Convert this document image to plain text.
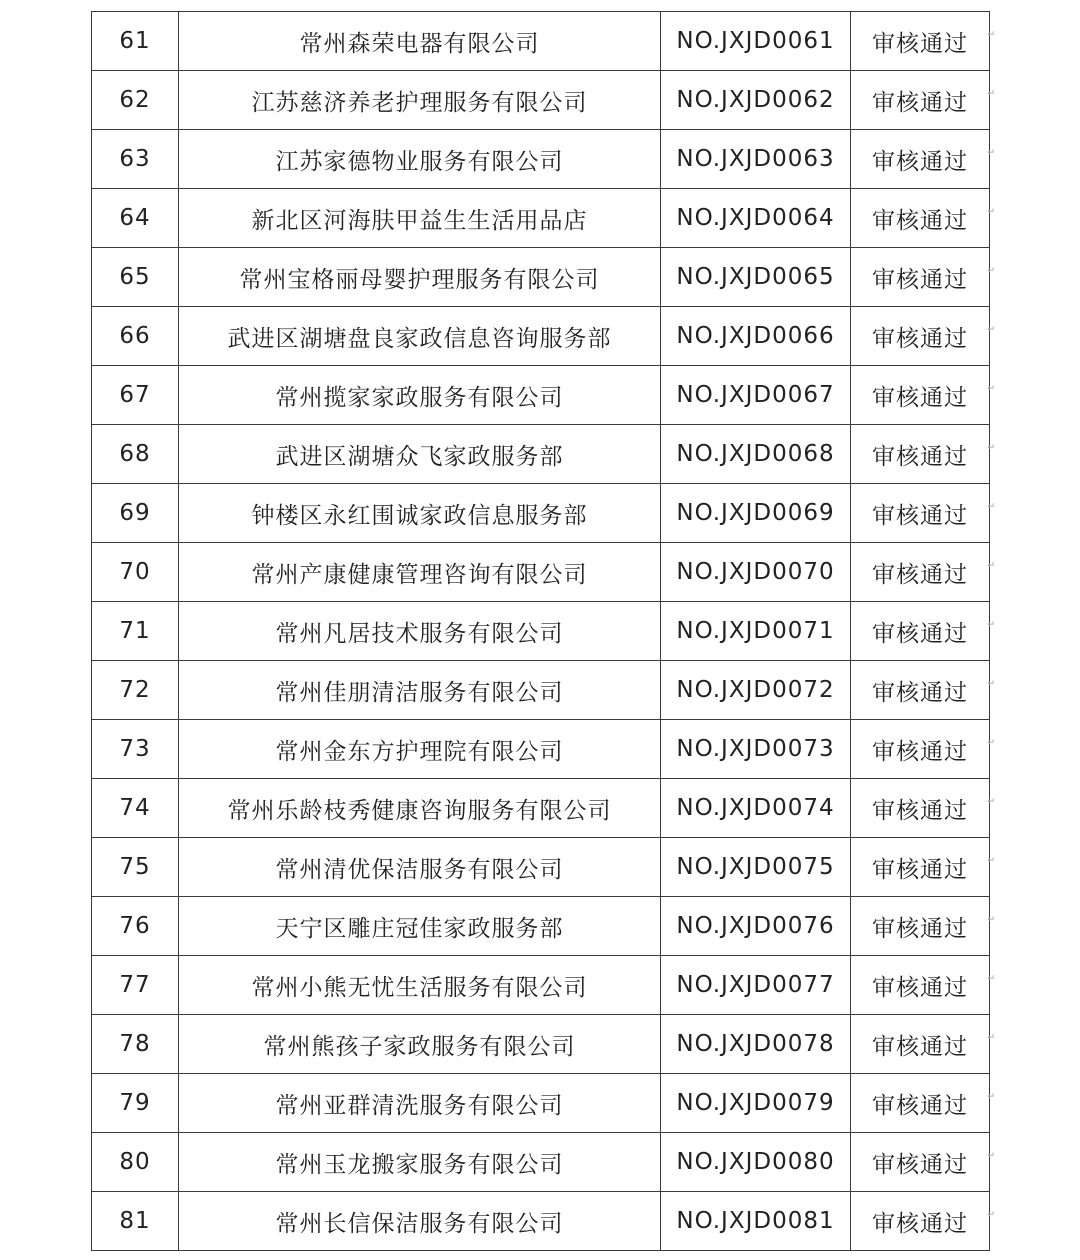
61	常州森荣电器有限公司	NO.JXJD0061	审核通过 ↵

62	江苏慈济养老护理服务有限公司	NO.JXJD0062	审核通过 ↵

63	江苏家德物业服务有限公司	NO.JXJD0063	审核通过 ↵

64	新北区河海肤甲益生生活用品店	NO.JXJD0064	审核通过 ↵

65	常州宝格丽母婴护理服务有限公司	NO.JXJD0065	审核通过 ↵

66	武进区湖塘盘良家政信息咨询服务部	NO.JXJD0066	审核通过 ↵

67	常州揽家家政服务有限公司	NO.JXJD0067	审核通过 ↵

68	武进区湖塘众飞家政服务部	NO.JXJD0068	审核通过 ↵

69	钟楼区永红围诚家政信息服务部	NO.JXJD0069	审核通过 ↵

70	常州产康健康管理咨询有限公司	NO.JXJD0070	审核通过 ↵

71	常州凡居技术服务有限公司	NO.JXJD0071	审核通过 ↵

72	常州佳朋清洁服务有限公司	NO.JXJD0072	审核通过 ↵

73	常州金东方护理院有限公司	NO.JXJD0073	审核通过 ↵

74	常州乐龄枝秀健康咨询服务有限公司	NO.JXJD0074	审核通过 ↵

75	常州清优保洁服务有限公司	NO.JXJD0075	审核通过 ↵

76	天宁区雕庄冠佳家政服务部	NO.JXJD0076	审核通过 ↵

77	常州小熊无忧生活服务有限公司	NO.JXJD0077	审核通过 ↵

78	常州熊孩子家政服务有限公司	NO.JXJD0078	审核通过 ↵

79	常州亚群清洗服务有限公司	NO.JXJD0079	审核通过 ↵

80	常州玉龙搬家服务有限公司	NO.JXJD0080	审核通过 ↵

81	常州长信保洁服务有限公司	NO.JXJD0081	审核通过 ↵
